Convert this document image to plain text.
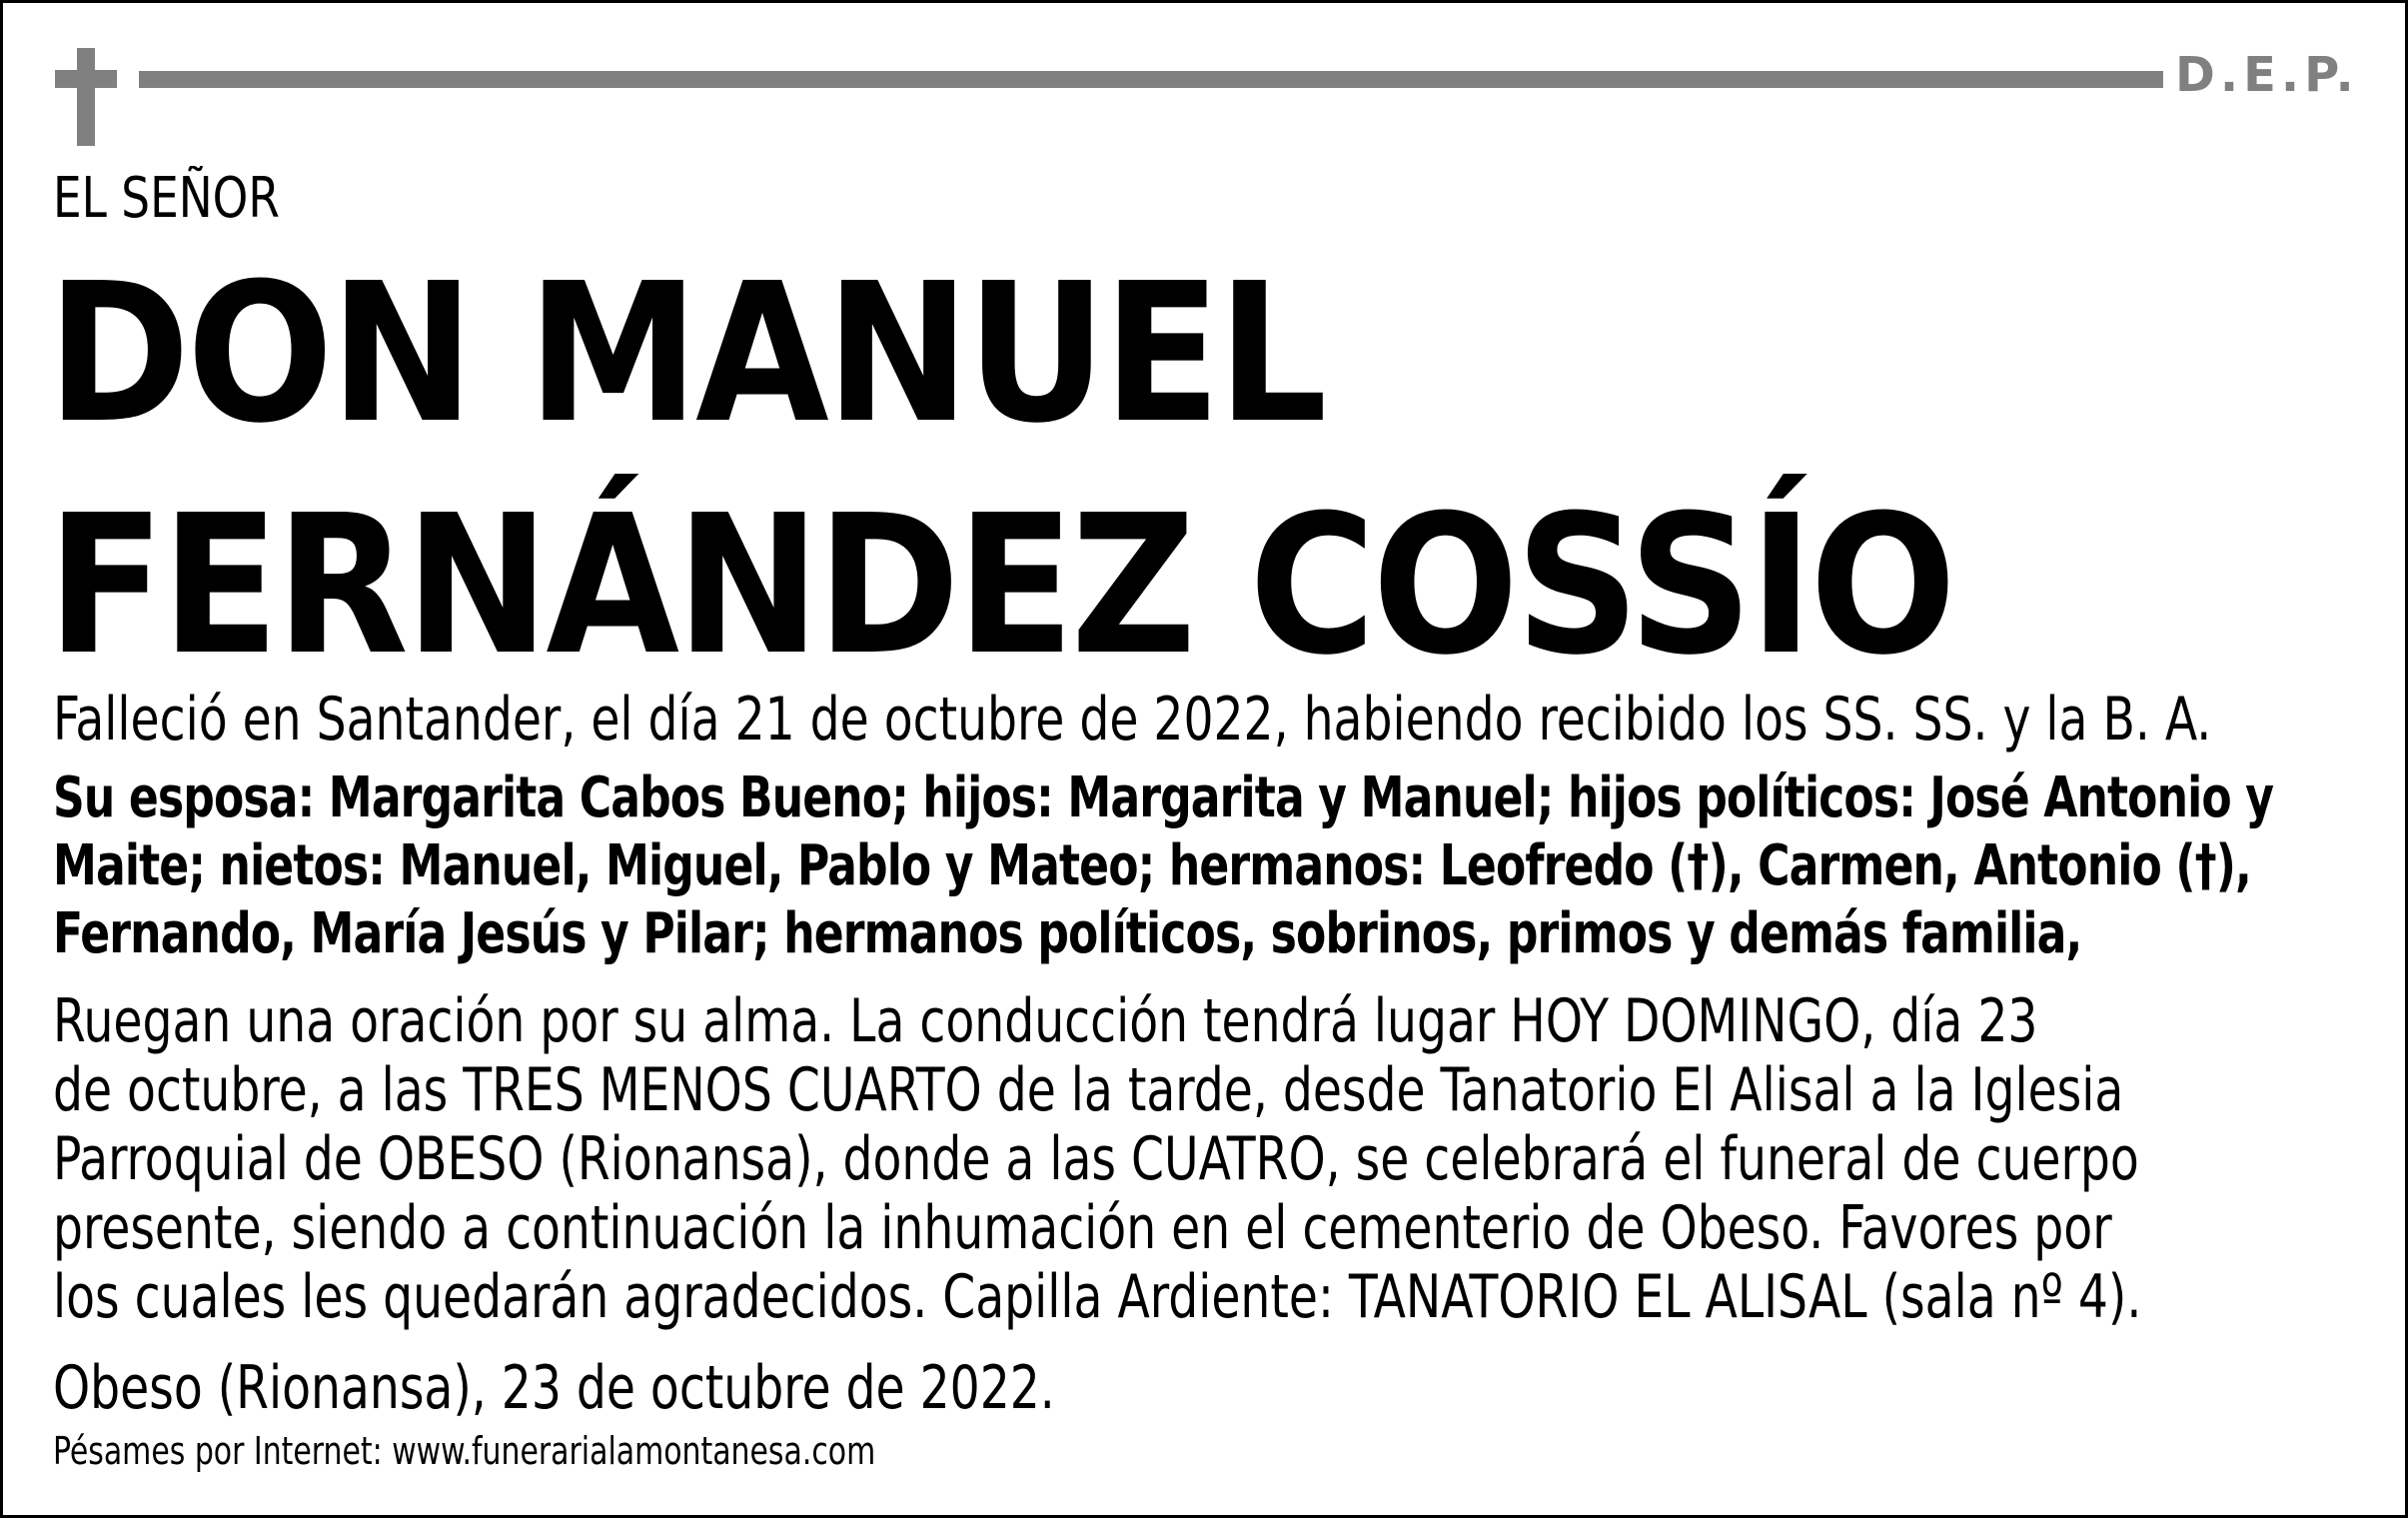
D.E.P.
EL SEÑOR
DON MANUEL
FERNÁNDEZ COSSÍO
Falleció en Santander, el día 21 de octubre de 2022, habiendo recibido los SS. SS. y la B. A.
Su esposa: Margarita Cabos Bueno; hijos: Margarita y Manuel; hijos políticos: José Antonio y
Maite; nietos: Manuel, Miguel, Pablo y Mateo; hermanos: Leofredo (†), Carmen, Antonio (†),
Fernando, María Jesús y Pilar; hermanos políticos, sobrinos, primos y demás familia,
Ruegan una oración por su alma. La conducción tendrá lugar HOY DOMINGO, día 23
de octubre, a las TRES MENOS CUARTO de la tarde, desde Tanatorio El Alisal a la Iglesia
Parroquial de OBESO (Rionansa), donde a las CUATRO, se celebrará el funeral de cuerpo
presente, siendo a continuación la inhumación en el cementerio de Obeso. Favores por
los cuales les quedarán agradecidos. Capilla Ardiente: TANATORIO EL ALISAL (sala nº 4).
Obeso (Rionansa), 23 de octubre de 2022.
Pésames por Internet: www.funerarialamontanesa.com
